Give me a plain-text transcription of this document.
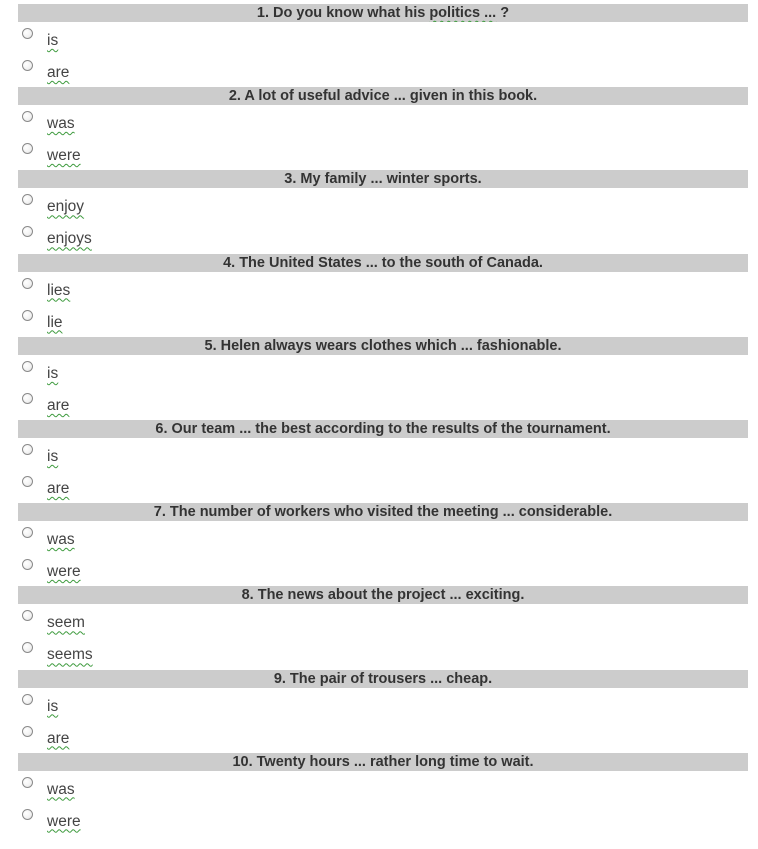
1. Do you know what his politics ... ?
is
are
2. A lot of useful advice ... given in this book.
was
were
3. My family ... winter sports.
enjoy
enjoys
4. The United States ... to the south of Canada.
lies
lie
5. Helen always wears clothes which ... fashionable.
is
are
6. Our team ... the best according to the results of the tournament.
is
are
7. The number of workers who visited the meeting ... considerable.
was
were
8. The news about the project ... exciting.
seem
seems
9. The pair of trousers ... cheap.
is
are
10. Twenty hours ... rather long time to wait.
was
were
